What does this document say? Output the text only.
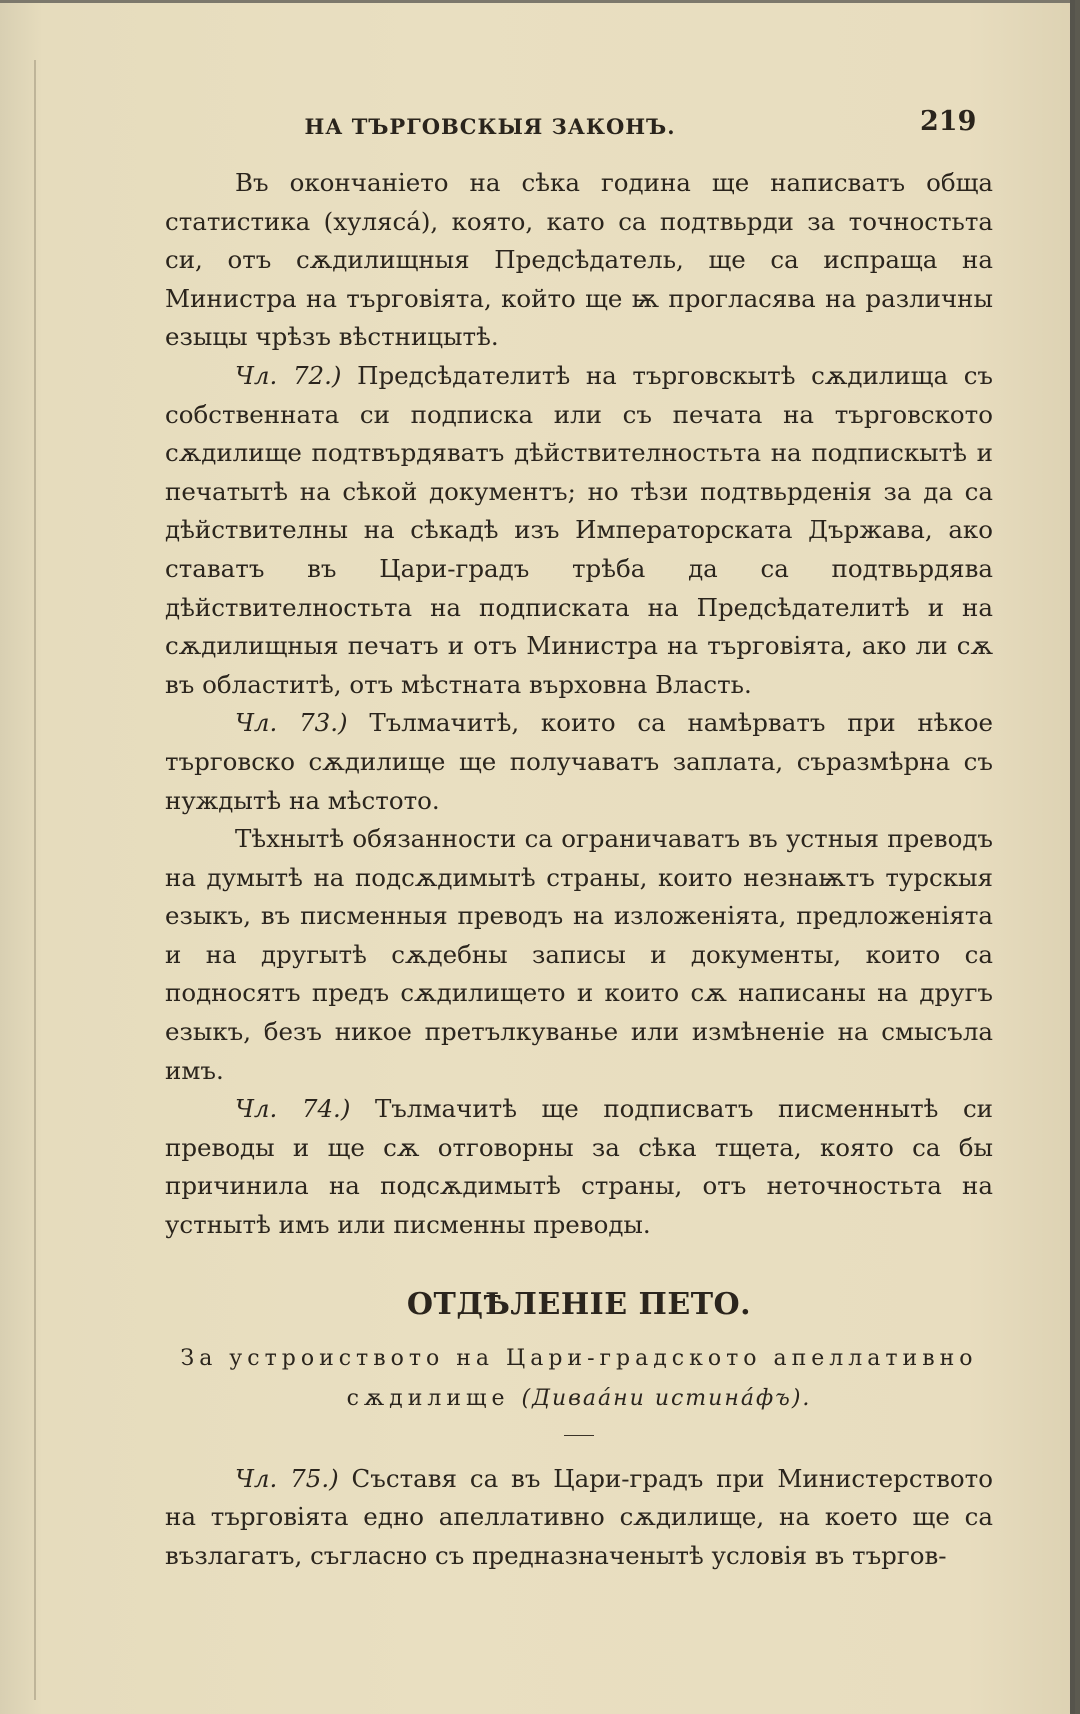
НА ТЪРГОВСКЫЯ ЗАКОНЪ.	219

Въ окончаніето на сѣка година ще написватъ обща статистика (хулясá), която, като са подтвьрди за точностьта си, отъ сѫдилищныя Предсѣдатель, ще са испраща на Министра на търговіята, който ще ѭ прогласява на различны езыцы чрѣзъ вѣстницытѣ.

Чл. 72.) Предсѣдателитѣ на търговскытѣ сѫдилища съ собственната си подписка или съ печата на търговското сѫдилище подтвърдяватъ дѣйствителностьта на подпискытѣ и печатытѣ на сѣкой документъ; но тѣзи подтвьрденія за да са дѣйствителны на сѣкадѣ изъ Императорската Държава, ако ставатъ въ Цари-градъ трѣба да са подтвьрдява дѣйствителностьта на подписката на Предсѣдателитѣ и на сѫдилищныя печатъ и отъ Министра на търговіята, ако ли сѫ въ областитѣ, отъ мѣстната върховна Власть.

Чл. 73.) Тълмачитѣ, които са намѣрватъ при нѣкое търговско сѫдилище ще получаватъ заплата, съразмѣрна съ нуждытѣ на мѣстото.

Тѣхнытѣ обязанности са ограничаватъ въ устныя преводъ на думытѣ на подсѫдимытѣ страны, които незнаѭтъ турскыя езыкъ, въ писменныя преводъ на изложеніята, предложеніята и на другытѣ сѫдебны записы и документы, които са подносятъ предъ сѫдилището и които сѫ написаны на другъ езыкъ, безъ никое претълкуванье или измѣненіе на смысъла имъ.

Чл. 74.) Тълмачитѣ ще подписватъ писменнытѣ си преводы и ще сѫ отговорны за сѣка тщета, която са бы причинила на подсѫдимытѣ страны, отъ неточностьта на устнытѣ имъ или писменны преводы.

ОТДѢЛЕНІЕ ПЕТО.

За устроиството на Цари-градското апеллативно сѫдилище (Диваáни истинáфъ).

Чл. 75.) Съставя са въ Цари-градъ при Министерството на търговіята едно апеллативно сѫдилище, на което ще са възлагатъ, съгласно съ предназначенытѣ условія въ търгов-
